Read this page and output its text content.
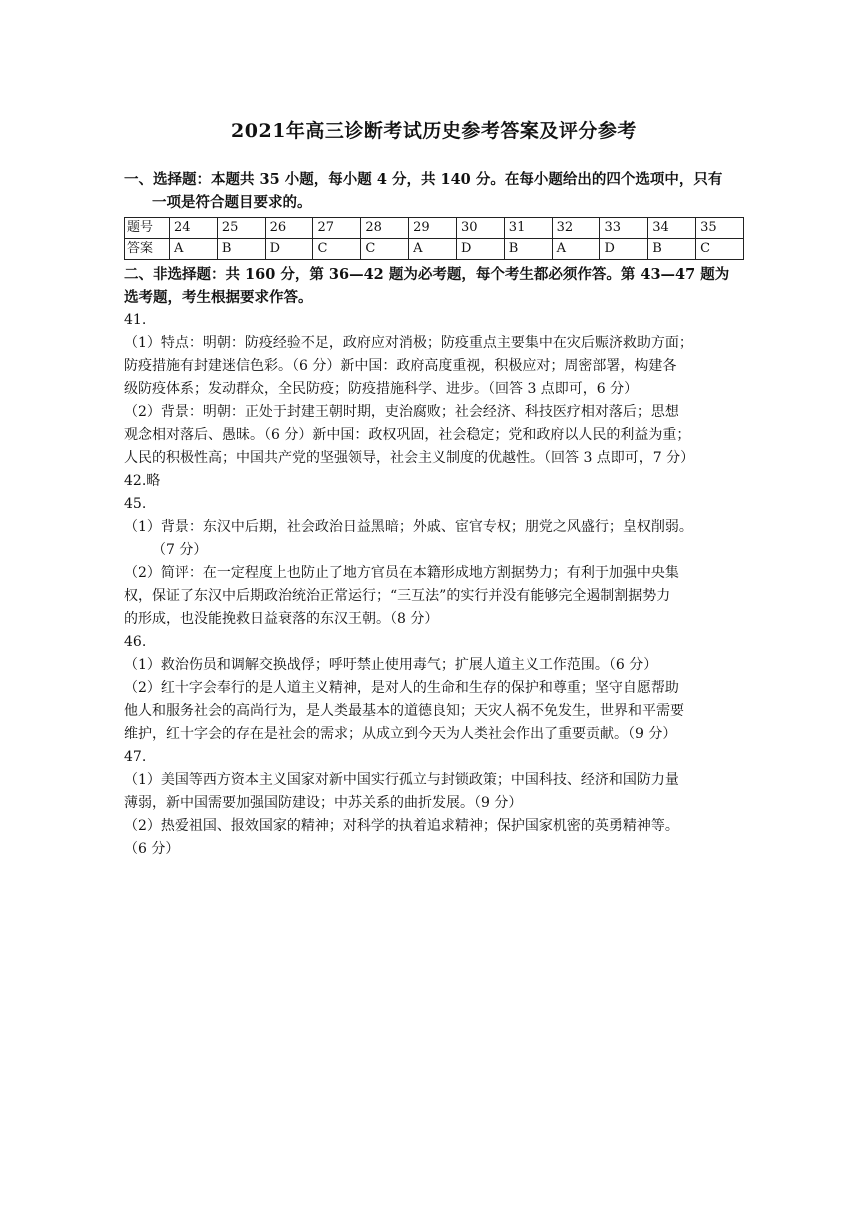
2021年高三诊断考试历史参考答案及评分参考
一、选择题：本题共 35 小题，每小题 4 分，共 140 分。在每小题给出的四个选项中，只有
一项是符合题目要求的。
题号	24	25	26	27	28	29	30	31	32	33	34	35
答案	A	B	D	C	C	A	D	B	A	D	B	C
二、非选择题：共 160 分，第 36—42 题为必考题，每个考生都必须作答。第 43—47 题为
选考题，考生根据要求作答。
41.
（1）特点：明朝：防疫经验不足，政府应对消极；防疫重点主要集中在灾后赈济救助方面；
防疫措施有封建迷信色彩。（6 分）新中国：政府高度重视，积极应对；周密部署，构建各
级防疫体系；发动群众，全民防疫；防疫措施科学、进步。（回答 3 点即可，6 分）
（2）背景：明朝：正处于封建王朝时期，吏治腐败；社会经济、科技医疗相对落后；思想
观念相对落后、愚昧。（6 分）新中国：政权巩固，社会稳定；党和政府以人民的利益为重；
人民的积极性高；中国共产党的坚强领导，社会主义制度的优越性。（回答 3 点即可，7 分）
42.略
45.
（1）背景：东汉中后期，社会政治日益黑暗；外戚、宦官专权；朋党之风盛行；皇权削弱。
（7 分）
（2）简评：在一定程度上也防止了地方官员在本籍形成地方割据势力；有利于加强中央集
权，保证了东汉中后期政治统治正常运行；“三互法”的实行并没有能够完全遏制割据势力
的形成，也没能挽救日益衰落的东汉王朝。（8 分）
46.
（1）救治伤员和调解交换战俘；呼吁禁止使用毒气；扩展人道主义工作范围。（6 分）
（2）红十字会奉行的是人道主义精神，是对人的生命和生存的保护和尊重；坚守自愿帮助
他人和服务社会的高尚行为，是人类最基本的道德良知；天灾人祸不免发生，世界和平需要
维护，红十字会的存在是社会的需求；从成立到今天为人类社会作出了重要贡献。（9 分）
47.
（1）美国等西方资本主义国家对新中国实行孤立与封锁政策；中国科技、经济和国防力量
薄弱，新中国需要加强国防建设；中苏关系的曲折发展。（9 分）
（2）热爱祖国、报效国家的精神；对科学的执着追求精神；保护国家机密的英勇精神等。
（6 分）
